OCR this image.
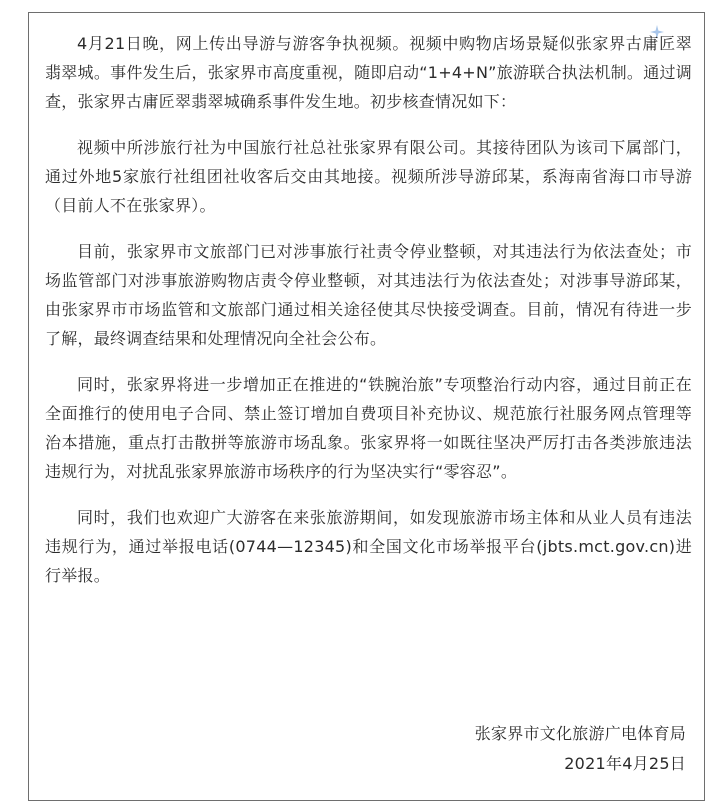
4月21日晚，网上传出导游与游客争执视频。视频中购物店场景疑似张家界古庸匠翠翡翠城。事件发生后，张家界市高度重视，随即启动“1+4+N”旅游联合执法机制。通过调查，张家界古庸匠翠翡翠城确系事件发生地。初步核查情况如下：

视频中所涉旅行社为中国旅行社总社张家界有限公司。其接待团队为该司下属部门，通过外地5家旅行社组团社收客后交由其地接。视频所涉导游邱某，系海南省海口市导游（目前人不在张家界）。

目前，张家界市文旅部门已对涉事旅行社责令停业整顿，对其违法行为依法查处；市场监管部门对涉事旅游购物店责令停业整顿，对其违法行为依法查处；对涉事导游邱某，由张家界市市场监管和文旅部门通过相关途径使其尽快接受调查。目前，情况有待进一步了解，最终调查结果和处理情况向全社会公布。

同时，张家界将进一步增加正在推进的“铁腕治旅”专项整治行动内容，通过目前正在全面推行的使用电子合同、禁止签订增加自费项目补充协议、规范旅行社服务网点管理等治本措施，重点打击散拼等旅游市场乱象。张家界将一如既往坚决严厉打击各类涉旅违法违规行为，对扰乱张家界旅游市场秩序的行为坚决实行“零容忍”。

同时，我们也欢迎广大游客在来张旅游期间，如发现旅游市场主体和从业人员有违法违规行为，通过举报电话(0744—12345)和全国文化市场举报平台(jbts.mct.gov.cn)进行举报。

张家界市文化旅游广电体育局
2021年4月25日
